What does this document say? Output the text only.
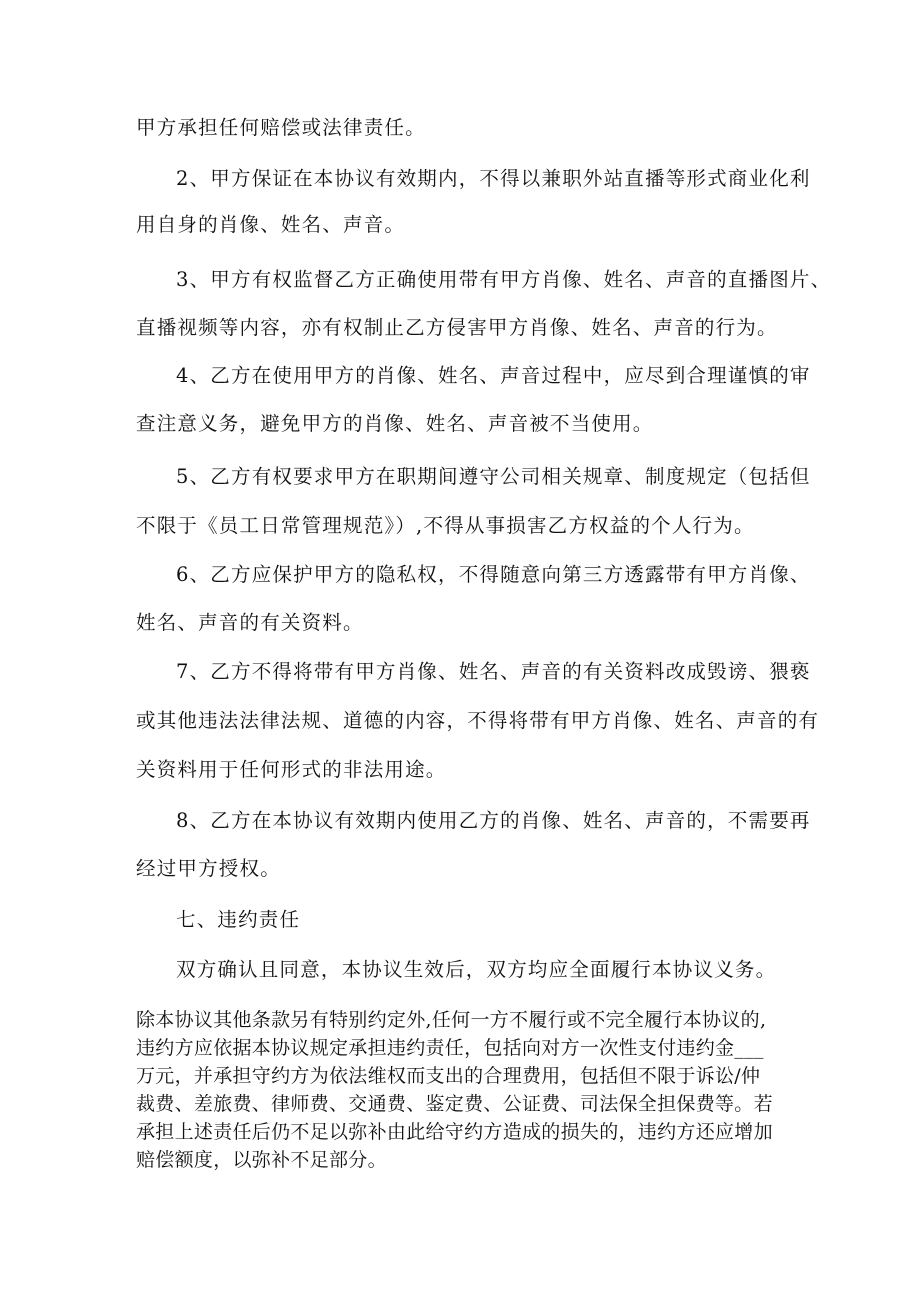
甲方承担任何赔偿或法律责任。
2、甲方保证在本协议有效期内，不得以兼职外站直播等形式商业化利
用自身的肖像、姓名、声音。
3、甲方有权监督乙方正确使用带有甲方肖像、姓名、声音的直播图片、
直播视频等内容，亦有权制止乙方侵害甲方肖像、姓名、声音的行为。
4、乙方在使用甲方的肖像、姓名、声音过程中，应尽到合理谨慎的审
查注意义务，避免甲方的肖像、姓名、声音被不当使用。
5、乙方有权要求甲方在职期间遵守公司相关规章、制度规定（包括但
不限于《员工日常管理规范》）,不得从事损害乙方权益的个人行为。
6、乙方应保护甲方的隐私权，不得随意向第三方透露带有甲方肖像、
姓名、声音的有关资料。
7、乙方不得将带有甲方肖像、姓名、声音的有关资料改成毁谤、猥亵
或其他违法法律法规、道德的内容，不得将带有甲方肖像、姓名、声音的有
关资料用于任何形式的非法用途。
8、乙方在本协议有效期内使用乙方的肖像、姓名、声音的，不需要再
经过甲方授权。
七、违约责任
双方确认且同意，本协议生效后，双方均应全面履行本协议义务。
除本协议其他条款另有特别约定外,任何一方不履行或不完全履行本协议的,
违约方应依据本协议规定承担违约责任，包括向对方一次性支付违约金___
万元，并承担守约方为依法维权而支出的合理费用，包括但不限于诉讼/仲
裁费、差旅费、律师费、交通费、鉴定费、公证费、司法保全担保费等。若
承担上述责任后仍不足以弥补由此给守约方造成的损失的，违约方还应增加
赔偿额度，以弥补不足部分。
